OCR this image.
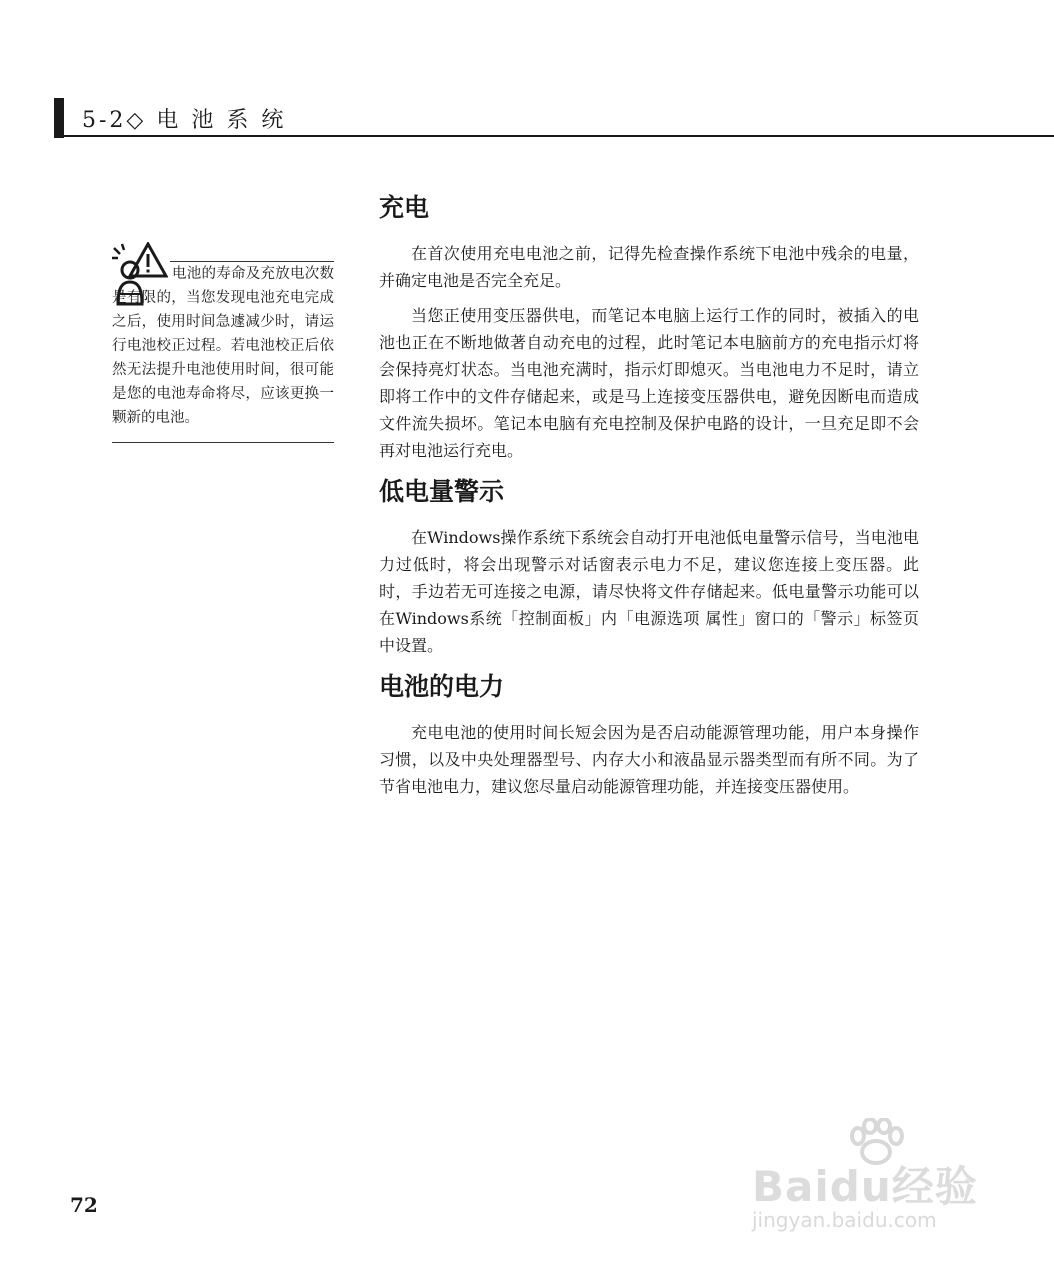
5-2◇ 电 池 系 统

电池的寿命及充放电次数是有限的，当您发现电池充电完成之后，使用时间急遽减少时，请运行电池校正过程。若电池校正后依然无法提升电池使用时间，很可能是您的电池寿命将尽，应该更换一颗新的电池。

充电

在首次使用充电电池之前，记得先检查操作系统下电池中残余的电量，并确定电池是否完全充足。

当您正使用变压器供电，而笔记本电脑上运行工作的同时，被插入的电池也正在不断地做著自动充电的过程，此时笔记本电脑前方的充电指示灯将会保持亮灯状态。当电池充满时，指示灯即熄灭。当电池电力不足时，请立即将工作中的文件存储起来，或是马上连接变压器供电，避免因断电而造成文件流失损坏。笔记本电脑有充电控制及保护电路的设计，一旦充足即不会再对电池运行充电。

低电量警示

在Windows操作系统下系统会自动打开电池低电量警示信号，当电池电力过低时，将会出现警示对话窗表示电力不足，建议您连接上变压器。此时，手边若无可连接之电源，请尽快将文件存储起来。低电量警示功能可以在Windows系统「控制面板」内「电源选项 属性」窗口的「警示」标签页中设置。

电池的电力

充电电池的使用时间长短会因为是否启动能源管理功能，用户本身操作习惯，以及中央处理器型号、内存大小和液晶显示器类型而有所不同。为了节省电池电力，建议您尽量启动能源管理功能，并连接变压器使用。

72	Baidu经验
jingyan.baidu.com
